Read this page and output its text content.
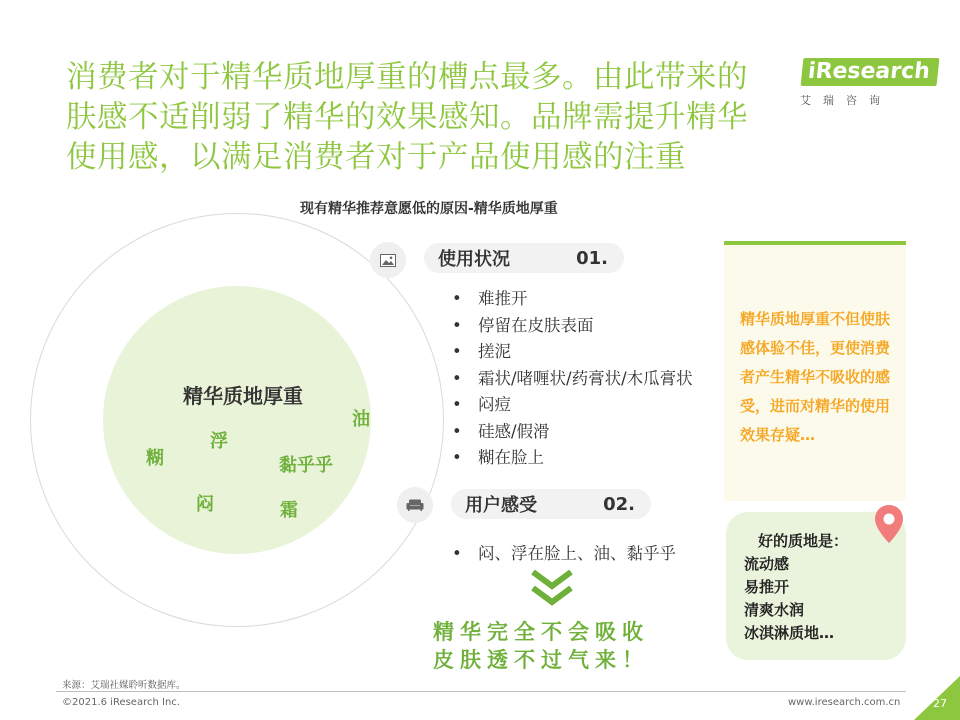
消费者对于精华质地厚重的槽点最多。由此带来的
肤感不适削弱了精华的效果感知。品牌需提升精华
使用感，以满足消费者对于产品使用感的注重
iResearch
艾瑞咨询
现有精华推荐意愿低的原因-精华质地厚重
精华质地厚重
油
浮
糊	黏乎乎
闷	霜
使用状况	01.
• 难推开
• 停留在皮肤表面
• 搓泥
• 霜状/啫喱状/药膏状/木瓜膏状
• 闷痘
• 硅感/假滑
• 糊在脸上
用户感受	02.
• 闷、浮在脸上、油、黏乎乎
精华完全不会吸收
皮肤透不过气来！
精华质地厚重不但使肤感体验不佳，更使消费者产生精华不吸收的感受，进而对精华的使用效果存疑…
好的质地是：
流动感
易推开
清爽水润
冰淇淋质地…
来源：艾瑞社媒聆听数据库。
©2021.6 iResearch Inc.	www.iresearch.com.cn	27
